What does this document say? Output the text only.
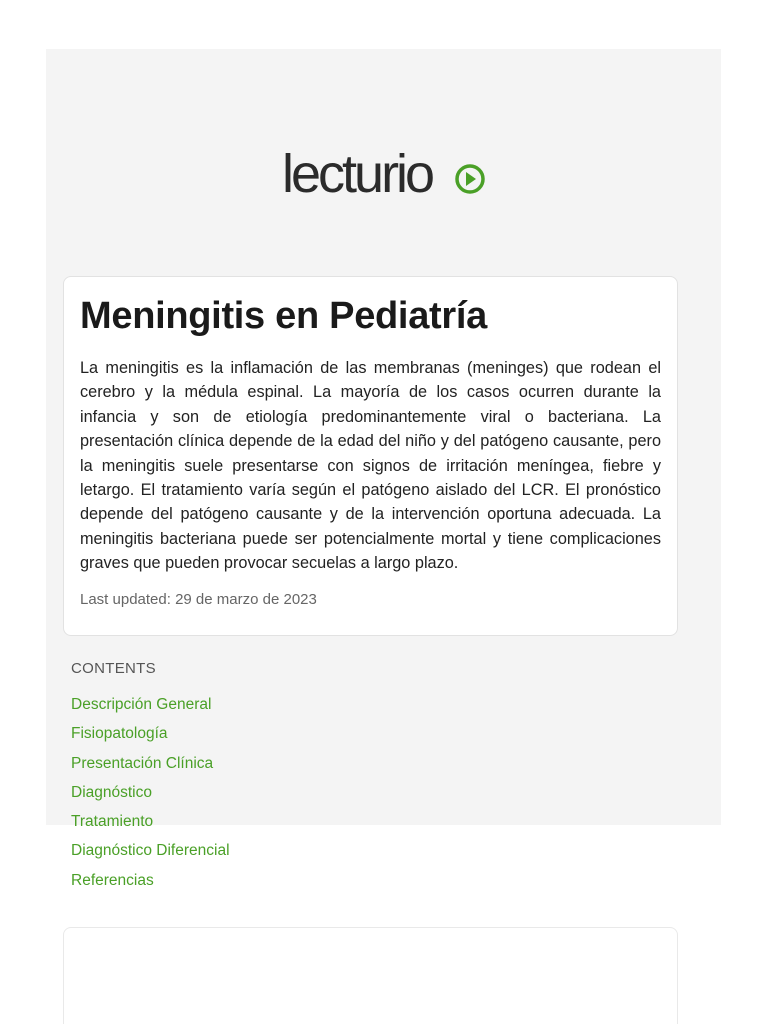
lecturio
Meningitis en Pediatría

La meningitis es la inflamación de las membranas (meninges) que rodean el cerebro y la médula espinal. La mayoría de los casos ocurren durante la infancia y son de etiología predominantemente viral o bacteriana. La presentación clínica depende de la edad del niño y del patógeno causante, pero la meningitis suele presentarse con signos de irritación meníngea, fiebre y letargo. El tratamiento varía según el patógeno aislado del LCR. El pronóstico depende del patógeno causante y de la intervención oportuna adecuada. La meningitis bacteriana puede ser potencialmente mortal y tiene complicaciones graves que pueden provocar secuelas a largo plazo.

Last updated: 29 de marzo de 2023
CONTENTS
Descripción General
Fisiopatología
Presentación Clínica
Diagnóstico
Tratamiento
Diagnóstico Diferencial
Referencias
